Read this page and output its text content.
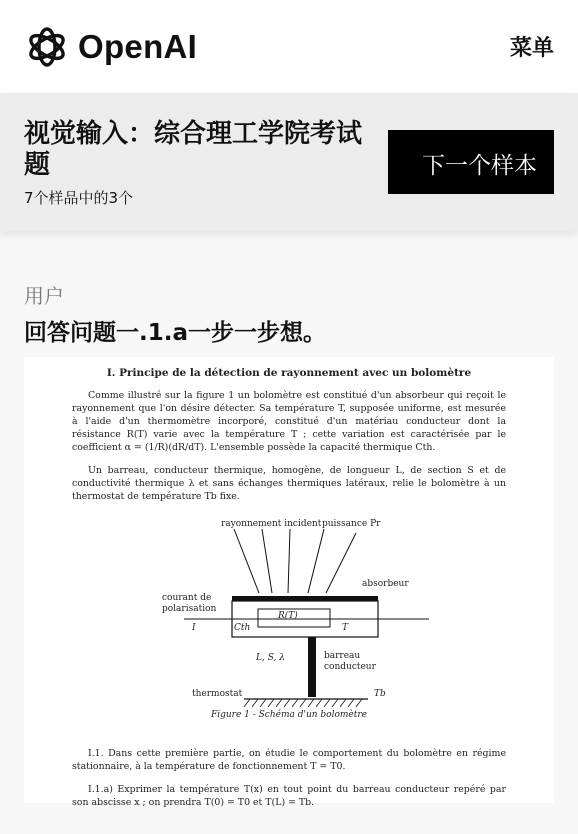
OpenAI	菜单
视觉输入：综合理工学院考试题
7个样品中的3个
下一个样本
用户
回答问题一.1.a一步一步想。
I. Principe de la détection de rayonnement avec un bolomètre

Comme illustré sur la figure 1 un bolomètre est constitué d'un absorbeur qui reçoit le rayonnement que l'on désire détecter. Sa température T, supposée uniforme, est mesurée à l'aide d'un thermomètre incorporé, constitué d'un matériau conducteur dont la résistance R(T) varie avec la température T ; cette variation est caractérisée par le coefficient α = (1/R)(dR/dT). L'ensemble possède la capacité thermique Cth.

Un barreau, conducteur thermique, homogène, de longueur L, de section S et de conductivité thermique λ et sans échanges thermiques latéraux, relie le bolomètre à un thermostat de température Tb fixe.

rayonnement incident puissance Pr
absorbeur
courant de polarisation
I	Cth
R(T)
T
L, S, λ	barreau conducteur
thermostat	Tb
Figure 1 - Schéma d'un bolomètre

I.1. Dans cette première partie, on étudie le comportement du bolomètre en régime stationnaire, à la température de fonctionnement T = T0.

I.1.a) Exprimer la température T(x) en tout point du barreau conducteur repéré par son abscisse x ; on prendra T(0) = T0 et T(L) = Tb.
